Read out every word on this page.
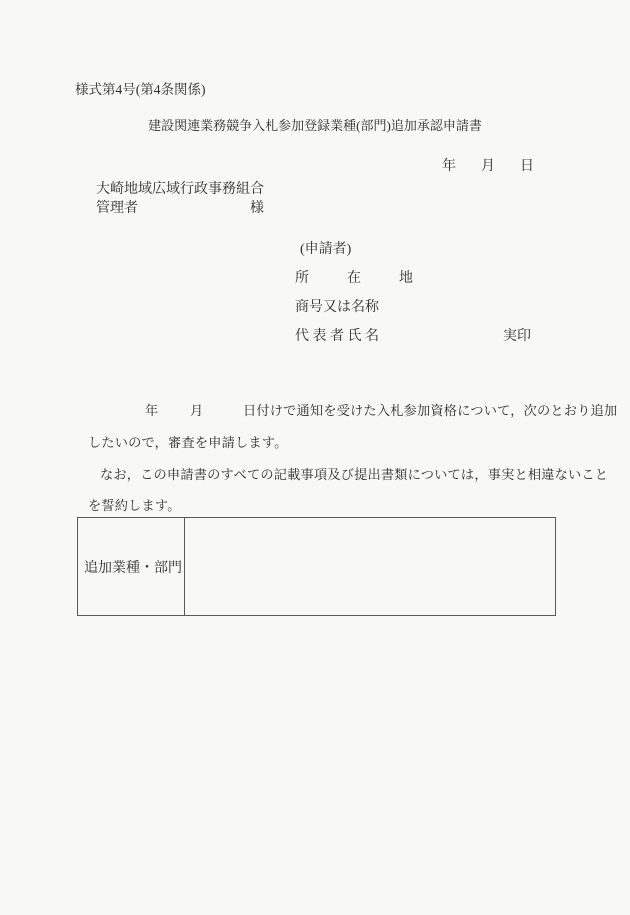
様式第4号(第4条関係)
建設関連業務競争入札参加登録業種(部門)追加承認申請書
年 月 日
大崎地域広域行政事務組合
管理者	様
(申請者)
所	在	地
商号又は名称
代表者氏名	実印
年 月	日付けで通知を受けた入札参加資格について，次のとおり追加
したいので，審査を申請します。
なお，この申請書のすべての記載事項及び提出書類については，事実と相違ないこと
を誓約します。
追加業種・部門
